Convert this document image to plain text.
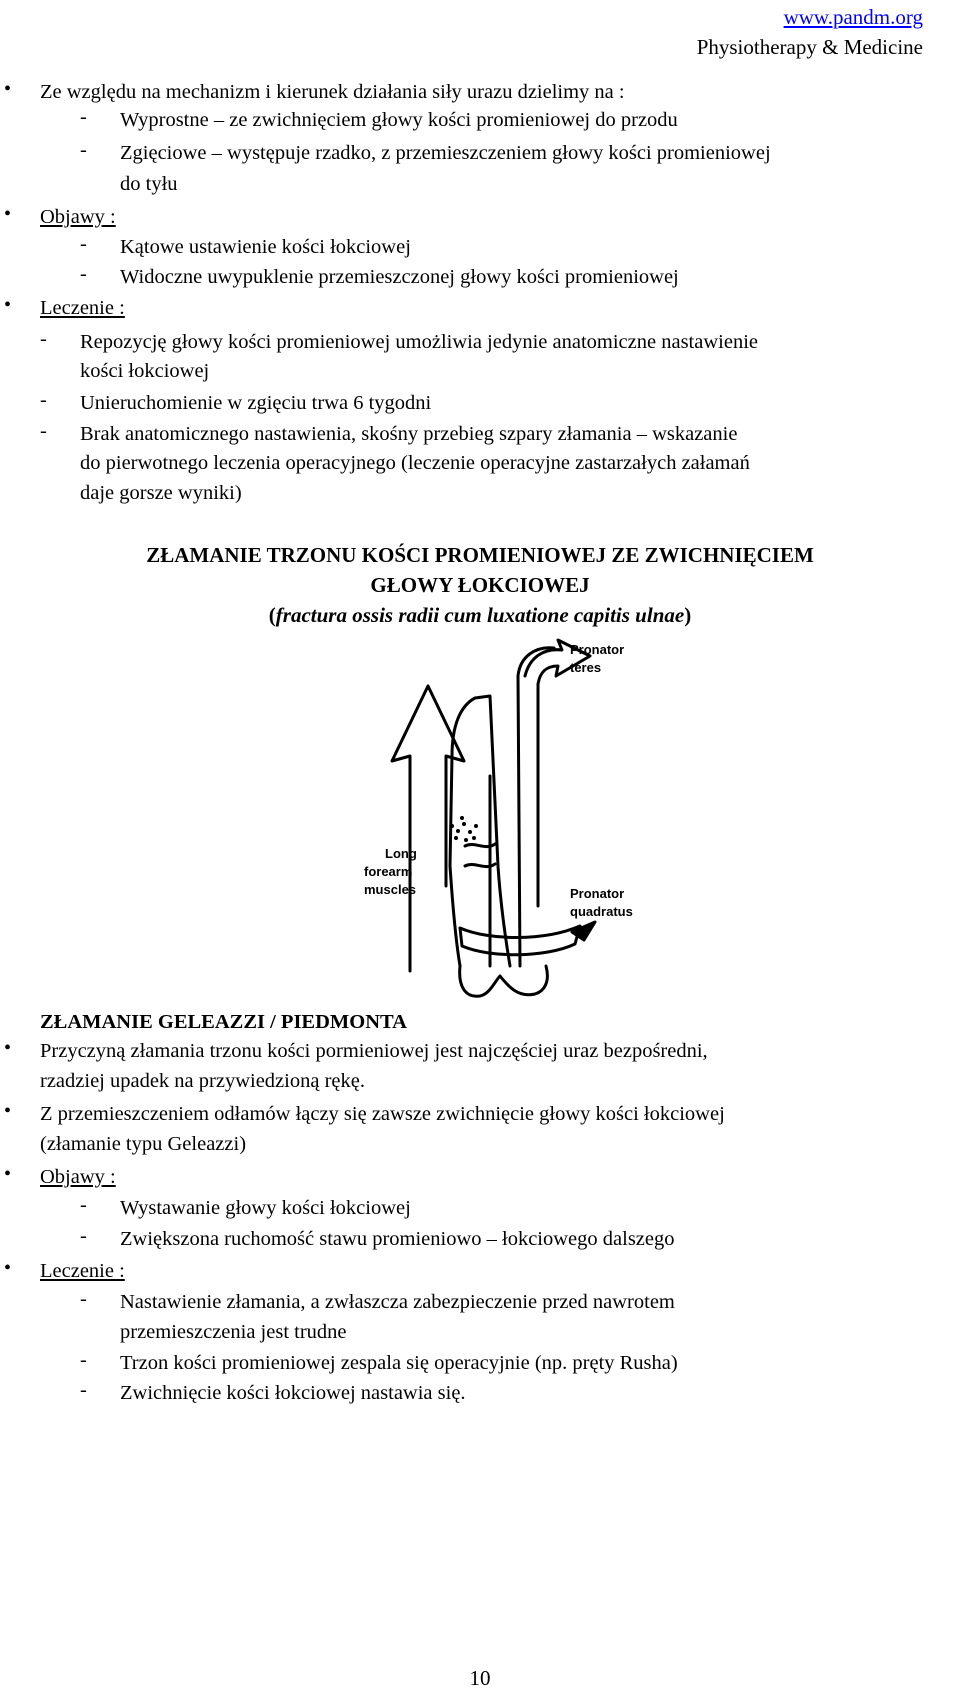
www.pandm.org
Physiotherapy & Medicine
• Ze względu na mechanizm i kierunek działania siły urazu dzielimy na :
- Wyprostne – ze zwichnięciem głowy kości promieniowej do przodu
- Zgięciowe – występuje rzadko, z przemieszczeniem głowy kości promieniowej
do tyłu
• Objawy :
- Kątowe ustawienie kości łokciowej
- Widoczne uwypuklenie przemieszczonej głowy kości promieniowej
• Leczenie :
- Repozycję głowy kości promieniowej umożliwia jedynie anatomiczne nastawienie
kości łokciowej
- Unieruchomienie w zgięciu trwa 6 tygodni
- Brak anatomicznego nastawienia, skośny przebieg szpary złamania – wskazanie
do pierwotnego leczenia operacyjnego (leczenie operacyjne zastarzałych załamań
daje gorsze wyniki)
ZŁAMANIE TRZONU KOŚCI PROMIENIOWEJ ZE ZWICHNIĘCIEM
GŁOWY ŁOKCIOWEJ
(fractura ossis radii cum luxatione capitis ulnae)
Pronator
teres
Long
forearm
muscles	Pronator
quadratus
ZŁAMANIE GELEAZZI / PIEDMONTA
• Przyczyną złamania trzonu kości pormieniowej jest najczęściej uraz bezpośredni,
rzadziej upadek na przywiedzioną rękę.
• Z przemieszczeniem odłamów łączy się zawsze zwichnięcie głowy kości łokciowej
(złamanie typu Geleazzi)
• Objawy :
- Wystawanie głowy kości łokciowej
- Zwiększona ruchomość stawu promieniowo – łokciowego dalszego
• Leczenie :
- Nastawienie złamania, a zwłaszcza zabezpieczenie przed nawrotem
przemieszczenia jest trudne
- Trzon kości promieniowej zespala się operacyjnie (np. pręty Rusha)
- Zwichnięcie kości łokciowej nastawia się.
10
